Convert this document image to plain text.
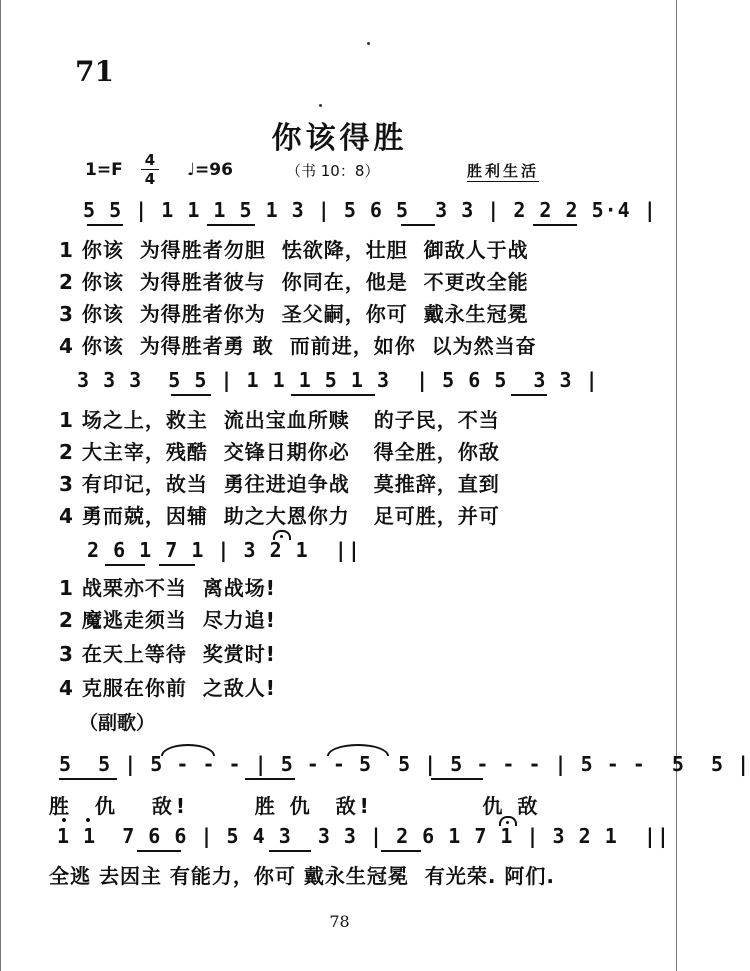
71
你该得胜
1=F 4
4 ♩=96	（书 10：8）	胜利生活
5 5 | 1 1 1 5 1 3 | 5 6 5  3 3 | 2 2 2 5·4 |
1 你该  为得胜者勿胆  怯欲降，壮胆  御敌人于战
2 你该  为得胜者彼与  你同在，他是  不更改全能
3 你该  为得胜者你为  圣父嗣，你可  戴永生冠冕
4 你该  为得胜者勇 敢  而前进，如你  以为然当奋
3 3 3  5 5 | 1 1 1 5 1 3  | 5 6 5  3 3 |
1 场之上，救主  流出宝血所赎   的子民，不当
2 大主宰，残酷  交锋日期你必   得全胜，你敌
3 有印记，故当  勇往进迫争战   莫推辞，直到
4 勇而兢，因辅  助之大恩你力   足可胜，并可
2 6 1 7 1 | 3 2 1  ||
1 战栗亦不当  离战场!
2 魔逃走须当  尽力追!
3 在天上等待  奖赏时!
4 克服在你前  之敌人!
（副歌）
5  5 | 5 - - - | 5 - - 5  5 | 5 - - - | 5 - -  5  5 |
胜  仇   敌!      胜 仇  敌!          仇 敌
1 1  7 6 6 | 5 4 3  3 3 | 2 6 1 7 1 | 3 2 1  ||
全逃 去因主 有能力，你可 戴永生冠冕  有光荣. 阿们.
78
